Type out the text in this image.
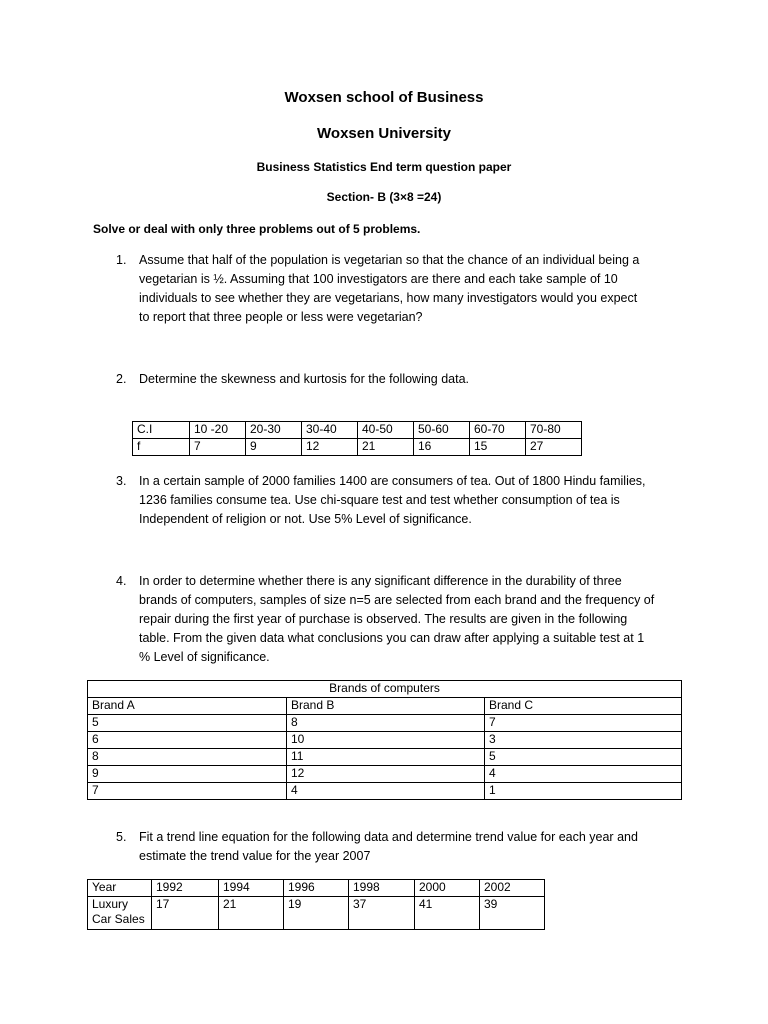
Woxsen school of Business
Woxsen University
Business Statistics End term question paper
Section- B (3×8 =24)
Solve or deal with only three problems out of 5 problems.
1. Assume that half of the population is vegetarian so that the chance of an individual being a
vegetarian is ½. Assuming that 100 investigators are there and each take sample of 10
individuals to see whether they are vegetarians, how many investigators would you expect
to report that three people or less were vegetarian?
2. Determine the skewness and kurtosis for the following data.
C.I	10 -20	20-30	30-40	40-50	50-60	60-70	70-80
f	7	9	12	21	16	15	27
3. In a certain sample of 2000 families 1400 are consumers of tea. Out of 1800 Hindu families,
1236 families consume tea. Use chi-square test and test whether consumption of tea is
Independent of religion or not. Use 5% Level of significance.
4. In order to determine whether there is any significant difference in the durability of three
brands of computers, samples of size n=5 are selected from each brand and the frequency of
repair during the first year of purchase is observed. The results are given in the following
table. From the given data what conclusions you can draw after applying a suitable test at 1
% Level of significance.
Brands of computers		
Brand A	Brand B	Brand C
5	8	7
6	10	3
8	11	5
9	12	4
7	4	1
5. Fit a trend line equation for the following data and determine trend value for each year and
estimate the trend value for the year 2007
Year	1992	1994	1996	1998	2000	2002

Luxury
Car Sales	17	21	19	37	41	39
